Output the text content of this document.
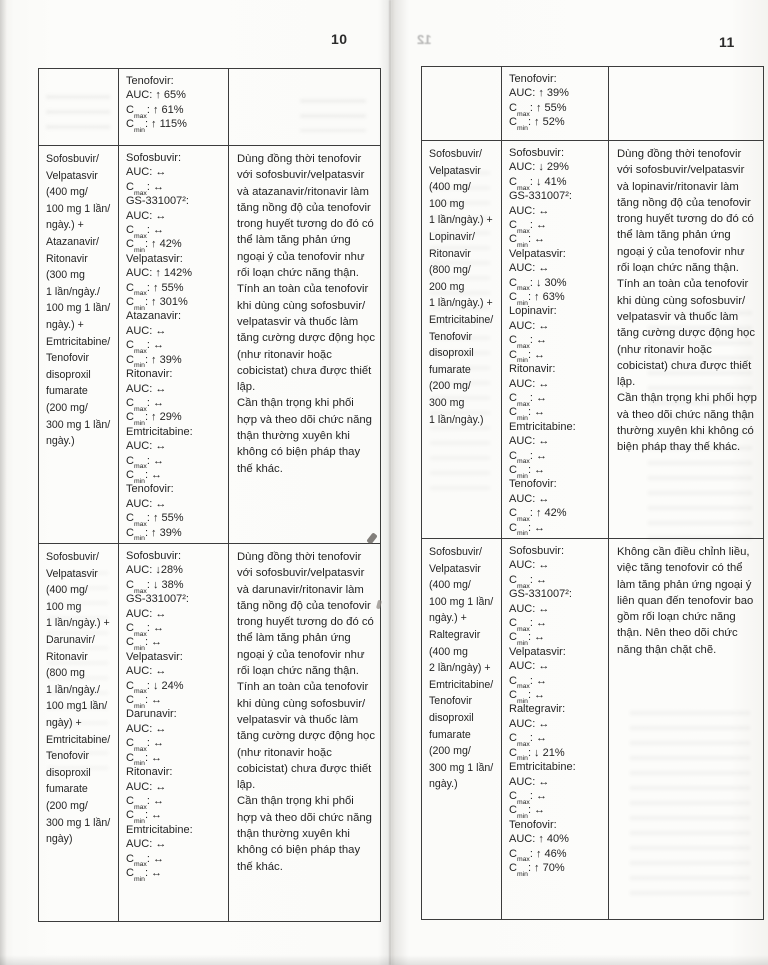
10	11
12
Tenofovir:
AUC: ↑ 65%
$C_{max}$: ↑ 61%
$C_{min}$: ↑ 115%
Sofosbuvir/
Velpatasvir
(400 mg/
100 mg 1 lần/
ngày.) +
Atazanavir/
Ritonavir
(300 mg
1 lần/ngày./
100 mg 1 lần/
ngày.) +
Emtricitabine/
Tenofovir
disoproxil
fumarate
(200 mg/
300 mg 1 lần/
ngày.)
Sofosbuvir:
AUC: ↔
$C_{max}$: ↔
GS-331007²:
AUC: ↔
$C_{max}$: ↔
$C_{min}$: ↑ 42%
Velpatasvir:
AUC: ↑ 142%
$C_{max}$: ↑ 55%
$C_{min}$: ↑ 301%
Atazanavir:
AUC: ↔
$C_{max}$: ↔
$C_{min}$: ↑ 39%
Ritonavir:
AUC: ↔
$C_{max}$: ↔
$C_{min}$: ↑ 29%
Emtricitabine:
AUC: ↔
$C_{max}$: ↔
$C_{min}$: ↔
Tenofovir:
AUC: ↔
$C_{max}$: ↑ 55%
$C_{min}$: ↑ 39%
Dùng đồng thời tenofovir với sofosbuvir/velpatasvir và atazanavir/ritonavir làm tăng nồng độ của tenofovir trong huyết tương do đó có thể làm tăng phản ứng ngoại ý của tenofovir như rối loạn chức năng thận. Tính an toàn của tenofovir khi dùng cùng sofosbuvir/ velpatasvir và thuốc làm tăng cường dược động học (như ritonavir hoặc cobicistat) chưa được thiết lập.
Cần thận trọng khi phối hợp và theo dõi chức năng thận thường xuyên khi không có biện pháp thay thế khác.
Sofosbuvir/
Velpatasvir
(400 mg/
100 mg
1 lần/ngày.) +
Darunavir/
Ritonavir
(800 mg
1 lần/ngày./
100 mg1 lần/
ngày) +
Emtricitabine/
Tenofovir
disoproxil
fumarate
(200 mg/
300 mg 1 lần/
ngày)
Sofosbuvir:
AUC: ↓28%
$C_{max}$: ↓ 38%
GS-331007²:
AUC: ↔
$C_{max}$: ↔
$C_{min}$: ↔
Velpatasvir:
AUC: ↔
$C_{max}$: ↓ 24%
$C_{min}$: ↔
Darunavir:
AUC: ↔
$C_{max}$: ↔
$C_{min}$: ↔
Ritonavir:
AUC: ↔
$C_{max}$: ↔
$C_{min}$: ↔
Emtricitabine:
AUC: ↔
$C_{max}$: ↔
$C_{min}$: ↔
Dùng đồng thời tenofovir với sofosbuvir/velpatasvir và darunavir/ritonavir làm tăng nồng độ của tenofovir trong huyết tương do đó có thể làm tăng phản ứng ngoại ý của tenofovir như rối loạn chức năng thận. Tính an toàn của tenofovir khi dùng cùng sofosbuvir/ velpatasvir và thuốc làm tăng cường dược động học (như ritonavir hoặc cobicistat) chưa được thiết lập.
Cần thận trọng khi phối hợp và theo dõi chức năng thận thường xuyên khi không có biện pháp thay thế khác.
Tenofovir:
AUC: ↑ 39%
$C_{max}$: ↑ 55%
$C_{min}$: ↑ 52%
Sofosbuvir/
Velpatasvir
(400 mg/
100 mg
1 lần/ngày.) +
Lopinavir/
Ritonavir
(800 mg/
200 mg
1 lần/ngày.) +
Emtricitabine/
Tenofovir
disoproxil
fumarate
(200 mg/
300 mg
1 lần/ngày.)
Sofosbuvir:
AUC: ↓ 29%
$C_{max}$: ↓ 41%
GS-331007²:
AUC: ↔
$C_{max}$: ↔
$C_{min}$: ↔
Velpatasvir:
AUC: ↔
$C_{max}$: ↓ 30%
$C_{min}$: ↑ 63%
Lopinavir:
AUC: ↔
$C_{max}$: ↔
$C_{min}$: ↔
Ritonavir:
AUC: ↔
$C_{max}$: ↔
$C_{min}$: ↔
Emtricitabine:
AUC: ↔
$C_{max}$: ↔
$C_{min}$: ↔
Tenofovir:
AUC: ↔
$C_{max}$: ↑ 42%
$C_{min}$: ↔
Dùng đồng thời tenofovir với sofosbuvir/velpatasvir và lopinavir/ritonavir làm tăng nồng độ của tenofovir trong huyết tương do đó có thể làm tăng phản ứng ngoại ý của tenofovir như rối loạn chức năng thận. Tính an toàn của tenofovir khi dùng cùng sofosbuvir/ velpatasvir và thuốc làm tăng cường dược động học (như ritonavir hoặc cobicistat) chưa được thiết lập.
Cần thận trọng khi phối hợp và theo dõi chức năng thận thường xuyên khi không có biện pháp thay thế khác.
Sofosbuvir/
Velpatasvir
(400 mg/
100 mg 1 lần/
ngày.) +
Raltegravir
(400 mg
2 lần/ngày) +
Emtricitabine/
Tenofovir
disoproxil
fumarate
(200 mg/
300 mg 1 lần/
ngày.)
Sofosbuvir:
AUC: ↔
$C_{max}$: ↔
GS-331007²:
AUC: ↔
$C_{max}$: ↔
$C_{min}$: ↔
Velpatasvir:
AUC: ↔
$C_{max}$: ↔
$C_{min}$: ↔
Raltegravir:
AUC: ↔
$C_{max}$: ↔
$C_{min}$: ↓ 21%
Emtricitabine:
AUC: ↔
$C_{max}$: ↔
$C_{min}$: ↔
Tenofovir:
AUC: ↑ 40%
$C_{max}$: ↑ 46%
$C_{min}$: ↑ 70%
Không cần điều chỉnh liều, việc tăng tenofovir có thể làm tăng phản ứng ngoại ý liên quan đến tenofovir bao gồm rối loạn chức năng thận. Nên theo dõi chức năng thận chặt chẽ.
